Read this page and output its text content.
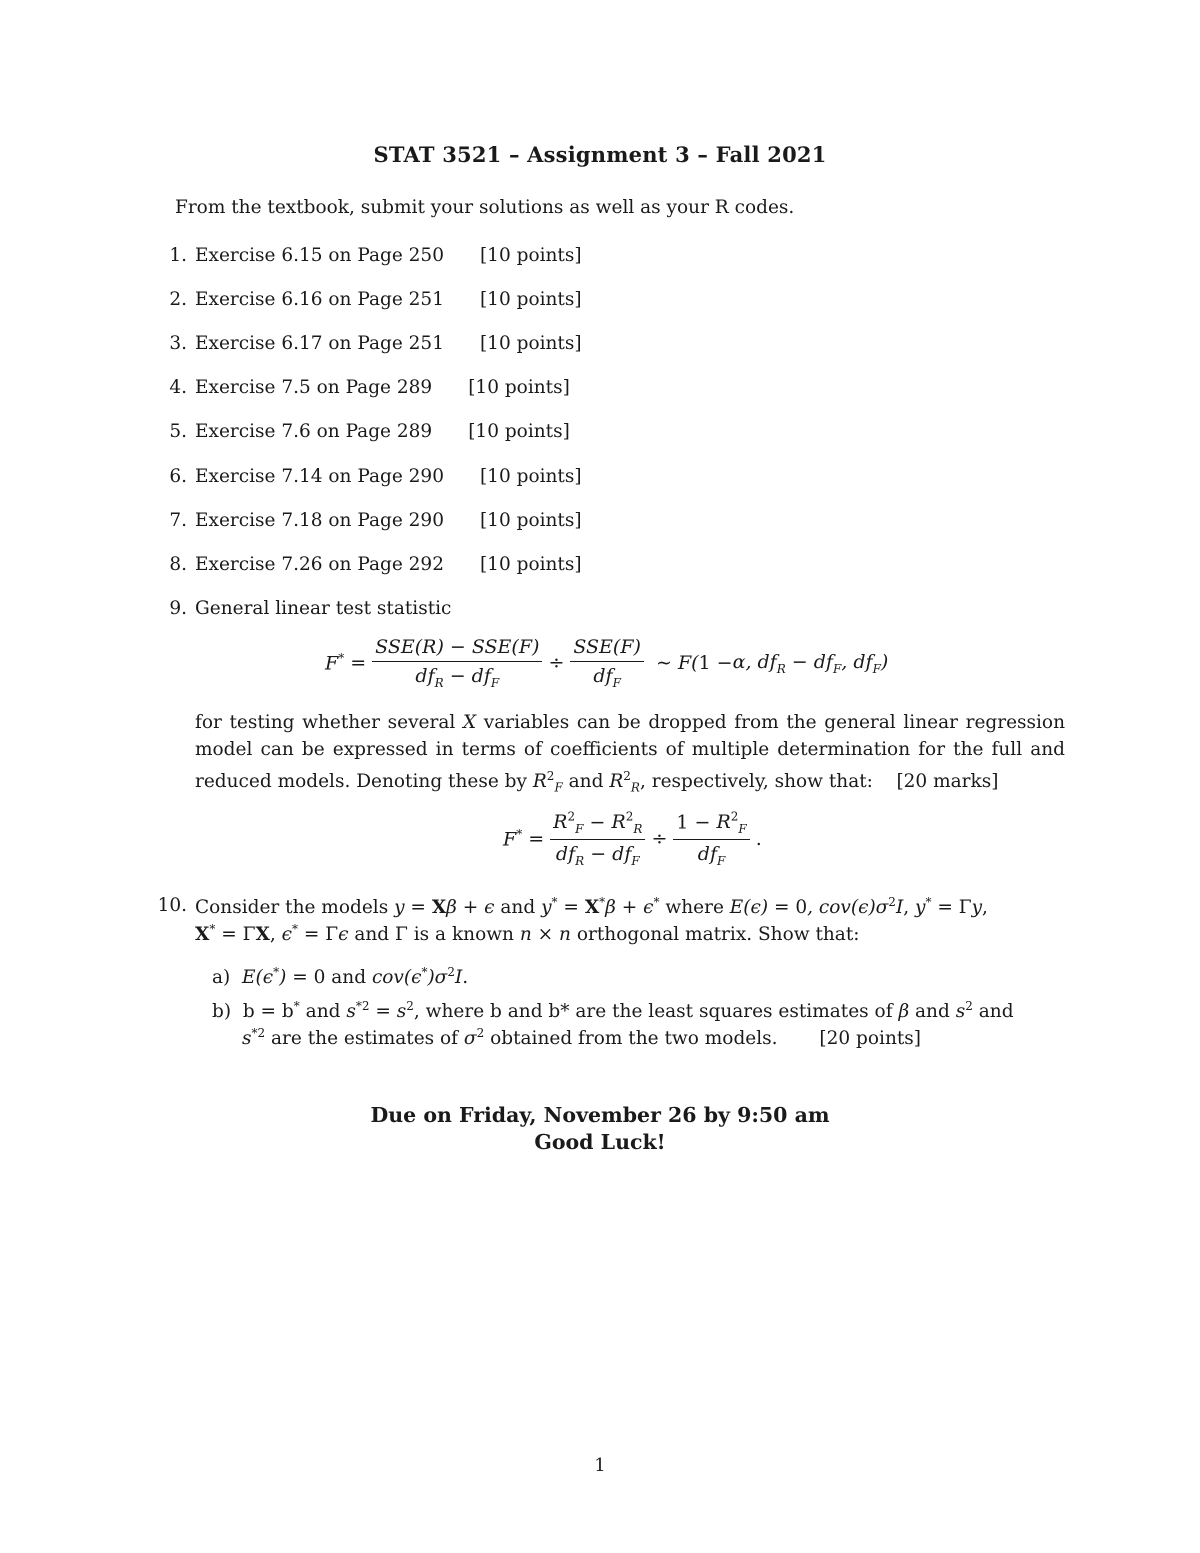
STAT 3521 – Assignment 3 – Fall 2021
From the textbook, submit your solutions as well as your R codes.
1. Exercise 6.15 on Page 250 [10 points]
2. Exercise 6.16 on Page 251 [10 points]
3. Exercise 6.17 on Page 251 [10 points]
4. Exercise 7.5 on Page 289 [10 points]
5. Exercise 7.6 on Page 289 [10 points]
6. Exercise 7.14 on Page 290 [10 points]
7. Exercise 7.18 on Page 290 [10 points]
8. Exercise 7.26 on Page 292 [10 points]
9. General linear test statistic
$F^* = \frac{\text{SSE(R) − SSE(F)}}{df_R - df_F} \div \frac{\text{SSE(F)}}{df_F}$ ∼ F( 1 − α, $df_R - df_F$, $df_F$)
for testing whether several X variables can be dropped from the general linear regression model can be expressed in terms of coefficients of multiple determination for the full and reduced models. Denoting these by $R^2_F$ and $R^2_R$, respectively, show that: [20 marks]
$F^* = \frac{R^2_F - R^2_R}{df_R - df_F} \div \frac{1 - R^2_F}{df_F}$ .
10. Consider the models y = Xβ + ϵ and y* = X*β + ϵ* where E(ϵ) = 0, $cov(\epsilon)\sigma^2I$, y* = Γy,
X* = ΓX, ϵ* = Γϵ and Γ is a known n × n orthogonal matrix. Show that:
a) E(ϵ*) = 0 and $cov(\epsilon^*)\sigma^2I$.
b)  b = b* and $s^{*2} = s^2$, where b and b* are the least squares estimates of β and $s^2$ and
$s^{*2}$ are the estimates of $\sigma^2$ obtained from the two models. [20 points]
Due on Friday, November 26 by 9:50 am
Good Luck!
1
